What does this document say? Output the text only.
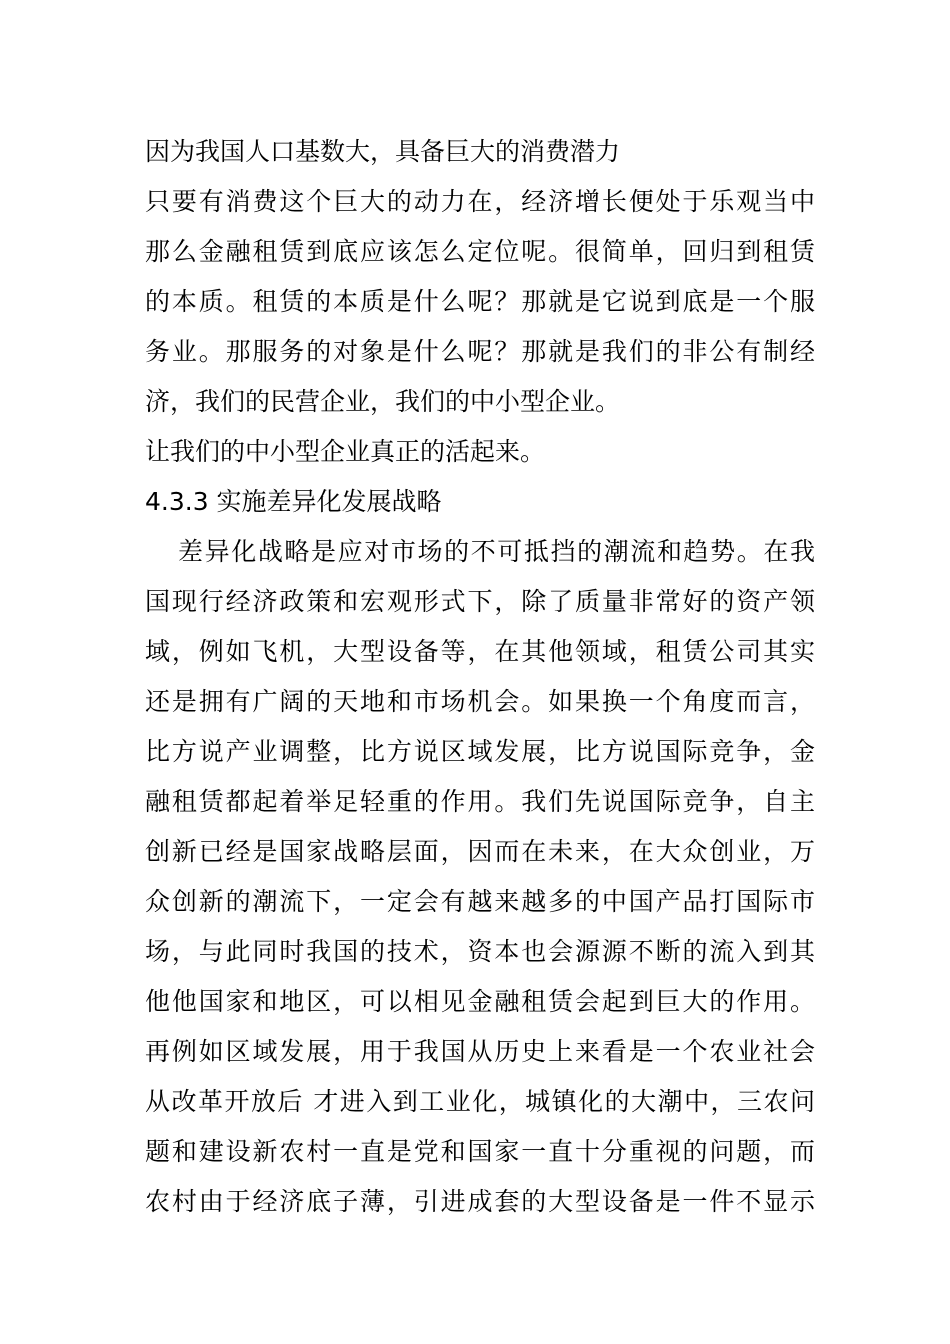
因为我国人口基数大，具备巨大的消费潜力
只要有消费这个巨大的动力在，经济增长便处于乐观当中
那么金融租赁到底应该怎么定位呢。很简单，回归到租赁
的本质。租赁的本质是什么呢？那就是它说到底是一个服
务业。那服务的对象是什么呢？那就是我们的非公有制经
济，我们的民营企业，我们的中小型企业。
让我们的中小型企业真正的活起来。
4.3.3 实施差异化发展战略
差异化战略是应对市场的不可抵挡的潮流和趋势。在我
国现行经济政策和宏观形式下，除了质量非常好的资产领
域，例如飞机，大型设备等，在其他领域，租赁公司其实
还是拥有广阔的天地和市场机会。如果换一个角度而言，
比方说产业调整，比方说区域发展，比方说国际竞争，金
融租赁都起着举足轻重的作用。我们先说国际竞争，自主
创新已经是国家战略层面，因而在未来，在大众创业，万
众创新的潮流下，一定会有越来越多的中国产品打国际市
场，与此同时我国的技术，资本也会源源不断的流入到其
他他国家和地区，可以相见金融租赁会起到巨大的作用。
再例如区域发展，用于我国从历史上来看是一个农业社会
从改革开放后 才进入到工业化，城镇化的大潮中，三农问
题和建设新农村一直是党和国家一直十分重视的问题，而
农村由于经济底子薄，引进成套的大型设备是一件不显示
